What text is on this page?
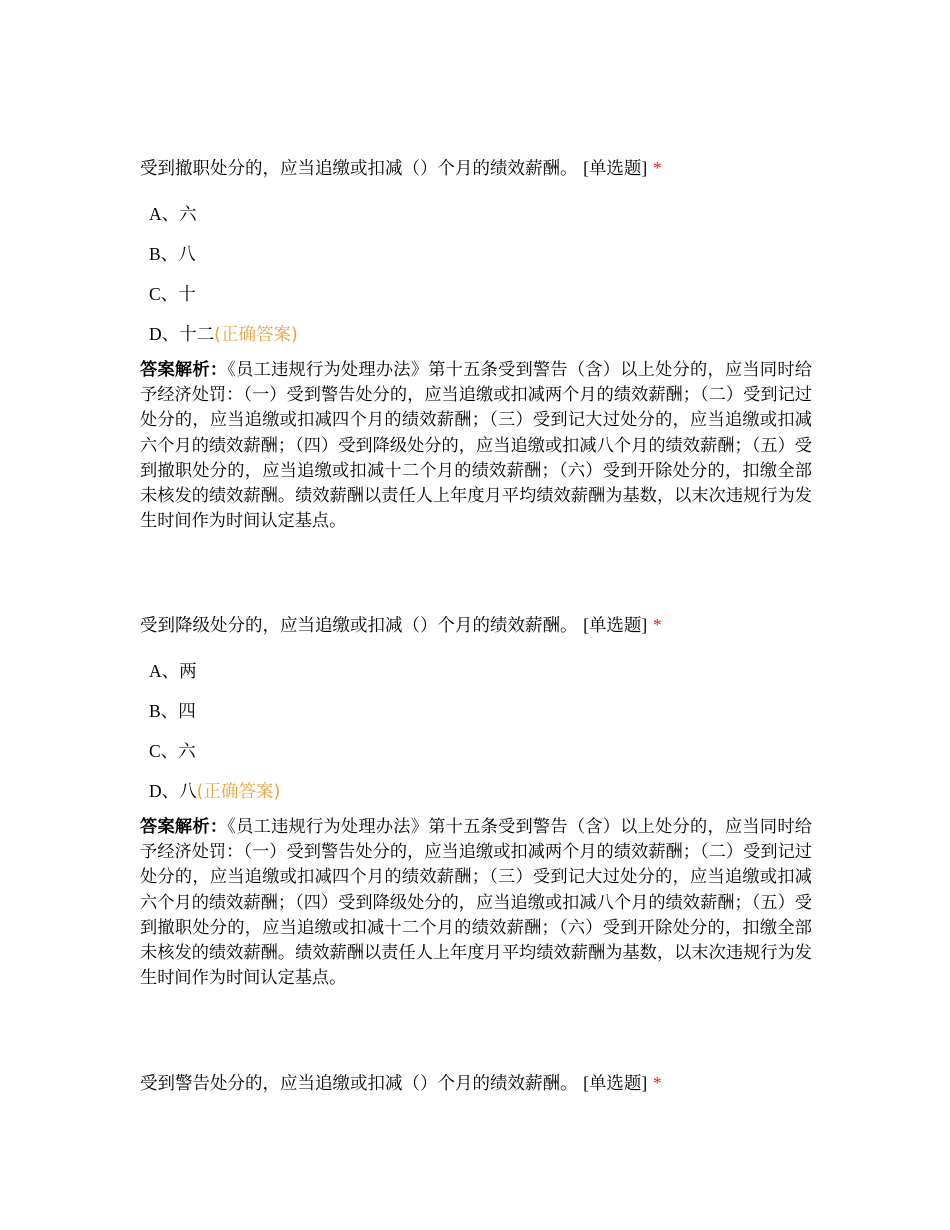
受到撤职处分的，应当追缴或扣减（）个月的绩效薪酬。 [单选题] *
A、六
B、八
C、十
D、十二(正确答案)
答案解析：《员工违规行为处理办法》第十五条受到警告（含）以上处分的，应当同时给予经济处罚：（一）受到警告处分的，应当追缴或扣减两个月的绩效薪酬；（二）受到记过处分的，应当追缴或扣减四个月的绩效薪酬；（三）受到记大过处分的，应当追缴或扣减六个月的绩效薪酬；（四）受到降级处分的，应当追缴或扣减八个月的绩效薪酬；（五）受到撤职处分的，应当追缴或扣减十二个月的绩效薪酬；（六）受到开除处分的，扣缴全部未核发的绩效薪酬。绩效薪酬以责任人上年度月平均绩效薪酬为基数，以末次违规行为发生时间作为时间认定基点。
受到降级处分的，应当追缴或扣减（）个月的绩效薪酬。 [单选题] *
A、两
B、四
C、六
D、八(正确答案)
答案解析：《员工违规行为处理办法》第十五条受到警告（含）以上处分的，应当同时给予经济处罚：（一）受到警告处分的，应当追缴或扣减两个月的绩效薪酬；（二）受到记过处分的，应当追缴或扣减四个月的绩效薪酬；（三）受到记大过处分的，应当追缴或扣减六个月的绩效薪酬；（四）受到降级处分的，应当追缴或扣减八个月的绩效薪酬；（五）受到撤职处分的，应当追缴或扣减十二个月的绩效薪酬；（六）受到开除处分的，扣缴全部未核发的绩效薪酬。绩效薪酬以责任人上年度月平均绩效薪酬为基数，以末次违规行为发生时间作为时间认定基点。
受到警告处分的，应当追缴或扣减（）个月的绩效薪酬。 [单选题] *
